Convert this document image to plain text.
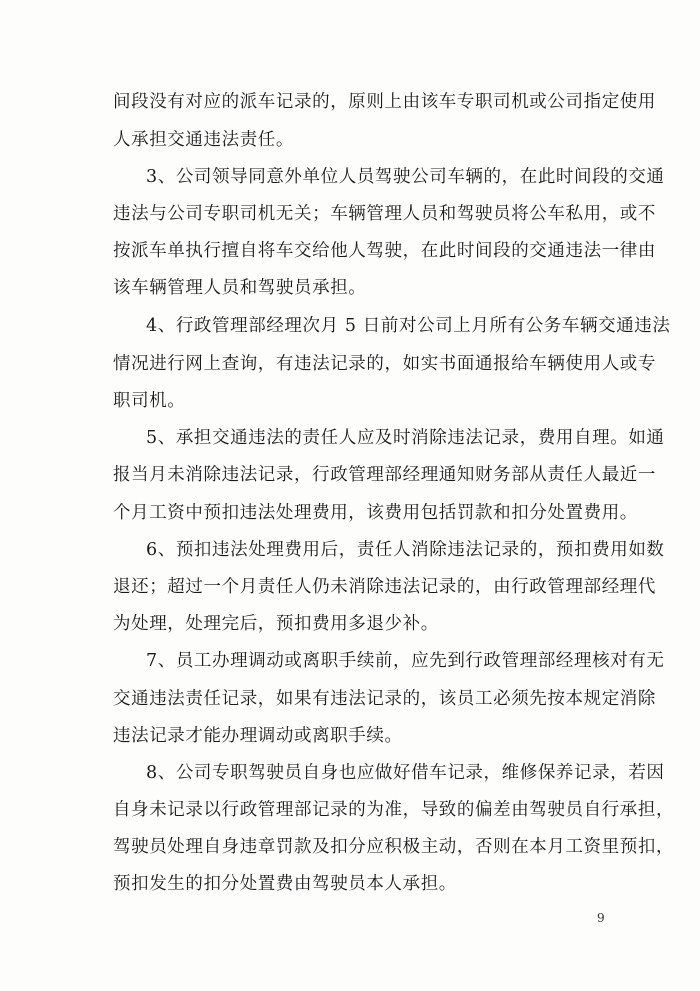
间段没有对应的派车记录的，原则上由该车专职司机或公司指定使用
人承担交通违法责任。
3、公司领导同意外单位人员驾驶公司车辆的，在此时间段的交通
违法与公司专职司机无关；车辆管理人员和驾驶员将公车私用，或不
按派车单执行擅自将车交给他人驾驶，在此时间段的交通违法一律由
该车辆管理人员和驾驶员承担。
4、行政管理部经理次月 5 日前对公司上月所有公务车辆交通违法
情况进行网上查询，有违法记录的，如实书面通报给车辆使用人或专
职司机。
5、承担交通违法的责任人应及时消除违法记录，费用自理。如通
报当月未消除违法记录，行政管理部经理通知财务部从责任人最近一
个月工资中预扣违法处理费用，该费用包括罚款和扣分处置费用。
6、预扣违法处理费用后，责任人消除违法记录的，预扣费用如数
退还；超过一个月责任人仍未消除违法记录的，由行政管理部经理代
为处理，处理完后，预扣费用多退少补。
7、员工办理调动或离职手续前，应先到行政管理部经理核对有无
交通违法责任记录，如果有违法记录的，该员工必须先按本规定消除
违法记录才能办理调动或离职手续。
8、公司专职驾驶员自身也应做好借车记录，维修保养记录，若因
自身未记录以行政管理部记录的为准，导致的偏差由驾驶员自行承担，
驾驶员处理自身违章罚款及扣分应积极主动，否则在本月工资里预扣，
预扣发生的扣分处置费由驾驶员本人承担。
9
